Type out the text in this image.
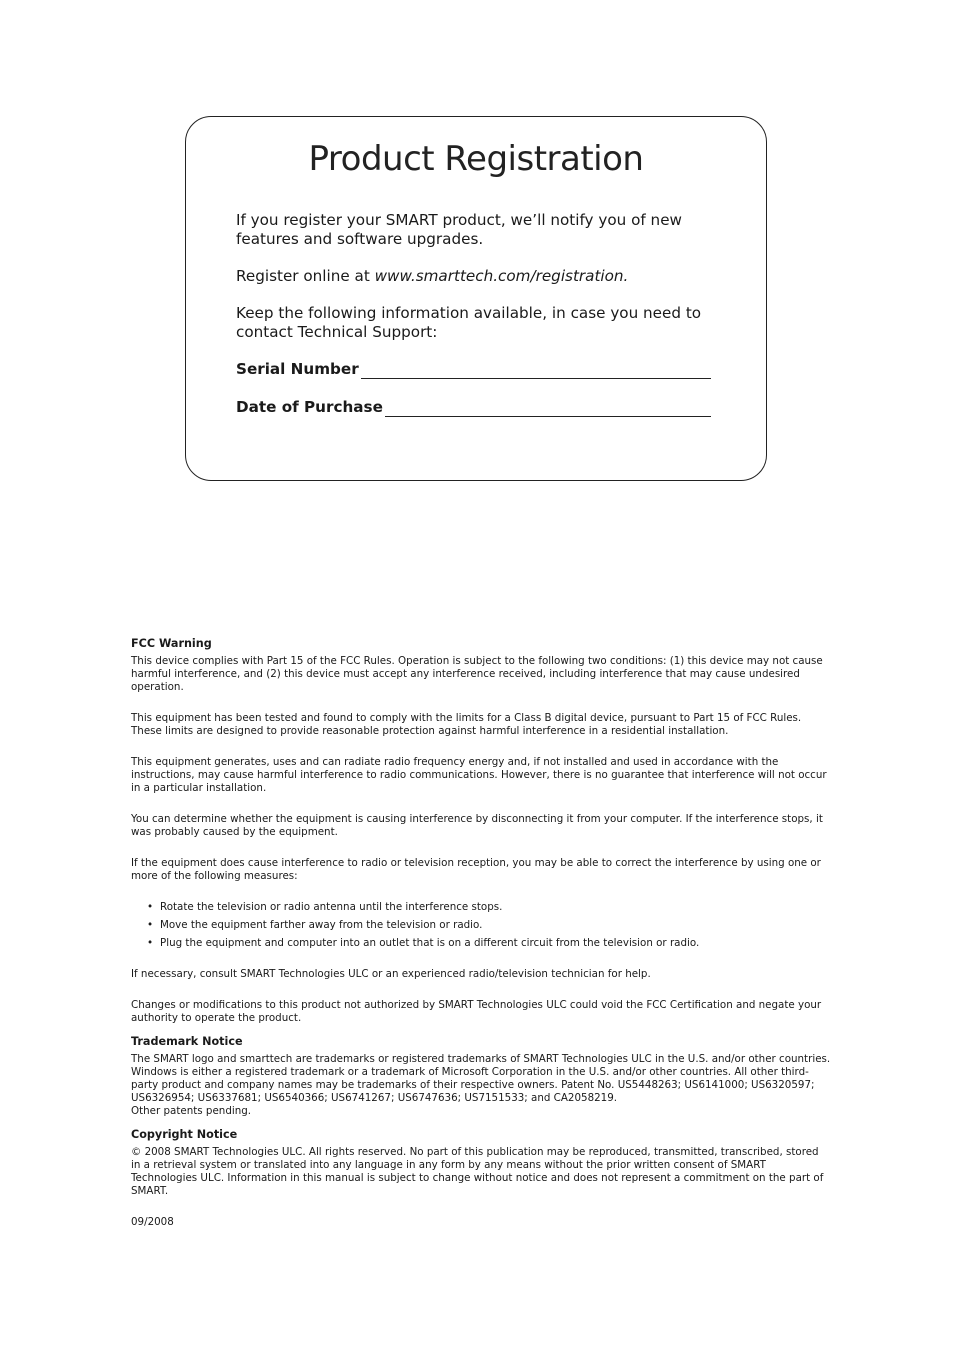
Product Registration

If you register your SMART product, we’ll notify you of new features and software upgrades.

Register online at www.smarttech.com/registration.

Keep the following information available, in case you need to contact Technical Support:

Serial Number
Date of Purchase
FCC Warning

This device complies with Part 15 of the FCC Rules. Operation is subject to the following two conditions: (1) this device may not cause harmful interference, and (2) this device must accept any interference received, including interference that may cause undesired operation.

This equipment has been tested and found to comply with the limits for a Class B digital device, pursuant to Part 15 of FCC Rules. These limits are designed to provide reasonable protection against harmful interference in a residential installation.

This equipment generates, uses and can radiate radio frequency energy and, if not installed and used in accordance with the instructions, may cause harmful interference to radio communications. However, there is no guarantee that interference will not occur in a particular installation.

You can determine whether the equipment is causing interference by disconnecting it from your computer. If the interference stops, it was probably caused by the equipment.

If the equipment does cause interference to radio or television reception, you may be able to correct the interference by using one or more of the following measures:

• Rotate the television or radio antenna until the interference stops.
• Move the equipment farther away from the television or radio.
• Plug the equipment and computer into an outlet that is on a different circuit from the television or radio.

If necessary, consult SMART Technologies ULC or an experienced radio/television technician for help.

Changes or modifications to this product not authorized by SMART Technologies ULC could void the FCC Certification and negate your authority to operate the product.

Trademark Notice

The SMART logo and smarttech are trademarks or registered trademarks of SMART Technologies ULC in the U.S. and/or other countries. Windows is either a registered trademark or a trademark of Microsoft Corporation in the U.S. and/or other countries. All other third-party product and company names may be trademarks of their respective owners. Patent No. US5448263; US6141000; US6320597; US6326954; US6337681; US6540366; US6741267; US6747636; US7151533; and CA2058219.
Other patents pending.

Copyright Notice

© 2008 SMART Technologies ULC. All rights reserved. No part of this publication may be reproduced, transmitted, transcribed, stored in a retrieval system or translated into any language in any form by any means without the prior written consent of SMART Technologies ULC. Information in this manual is subject to change without notice and does not represent a commitment on the part of SMART.

09/2008
